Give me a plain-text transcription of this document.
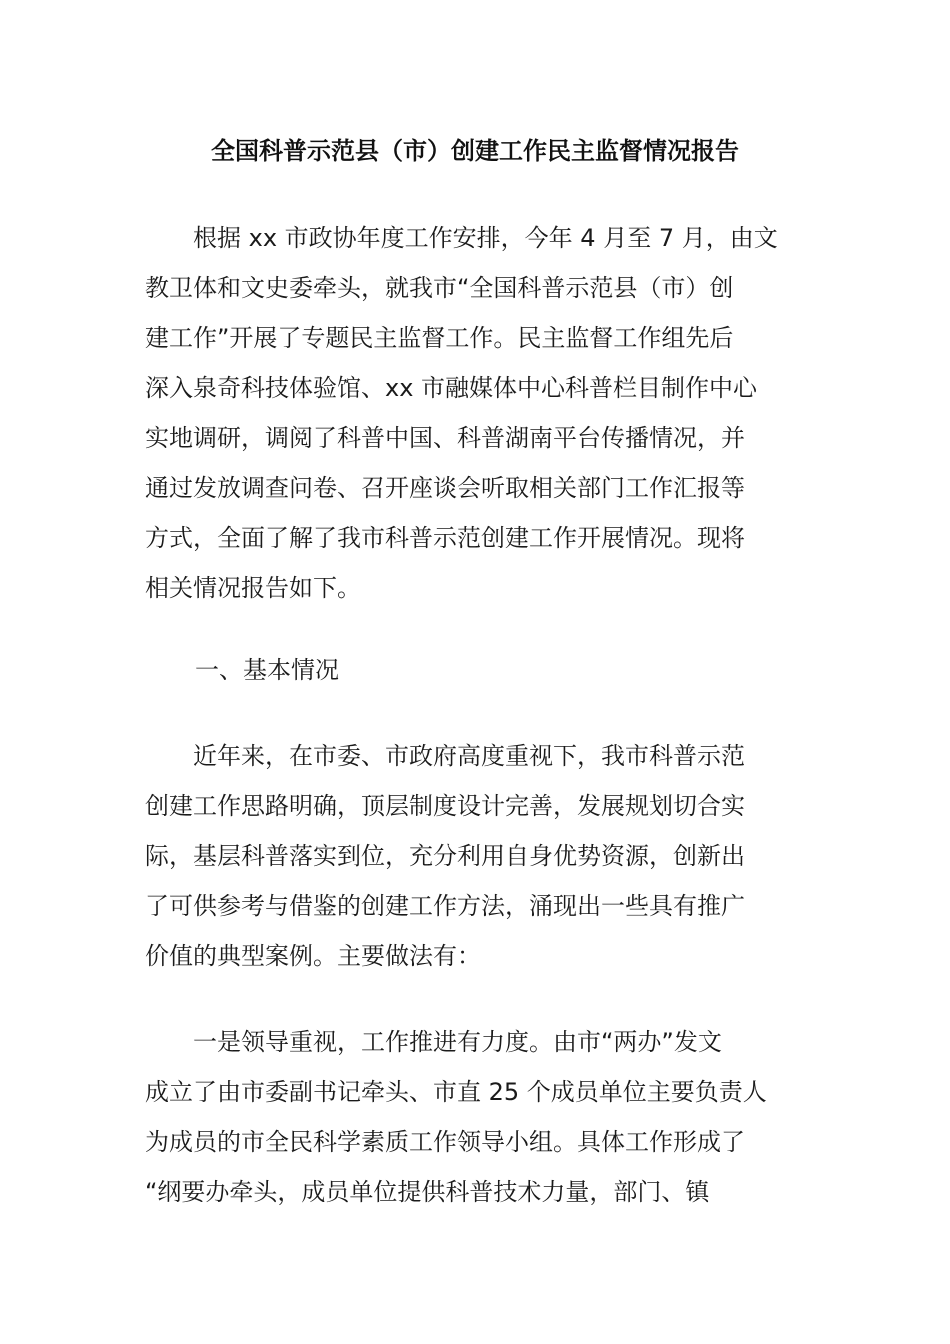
全国科普示范县（市）创建工作民主监督情况报告
根据 xx 市政协年度工作安排，今年 4 月至 7 月，由文
教卫体和文史委牵头，就我市“全国科普示范县（市）创
建工作”开展了专题民主监督工作。民主监督工作组先后
深入泉奇科技体验馆、xx 市融媒体中心科普栏目制作中心
实地调研，调阅了科普中国、科普湖南平台传播情况，并
通过发放调查问卷、召开座谈会听取相关部门工作汇报等
方式，全面了解了我市科普示范创建工作开展情况。现将
相关情况报告如下。
一、基本情况
近年来，在市委、市政府高度重视下，我市科普示范
创建工作思路明确，顶层制度设计完善，发展规划切合实
际，基层科普落实到位，充分利用自身优势资源，创新出
了可供参考与借鉴的创建工作方法，涌现出一些具有推广
价值的典型案例。主要做法有：
一是领导重视，工作推进有力度。由市“两办”发文
成立了由市委副书记牵头、市直 25 个成员单位主要负责人
为成员的市全民科学素质工作领导小组。具体工作形成了
“纲要办牵头，成员单位提供科普技术力量，部门、镇
